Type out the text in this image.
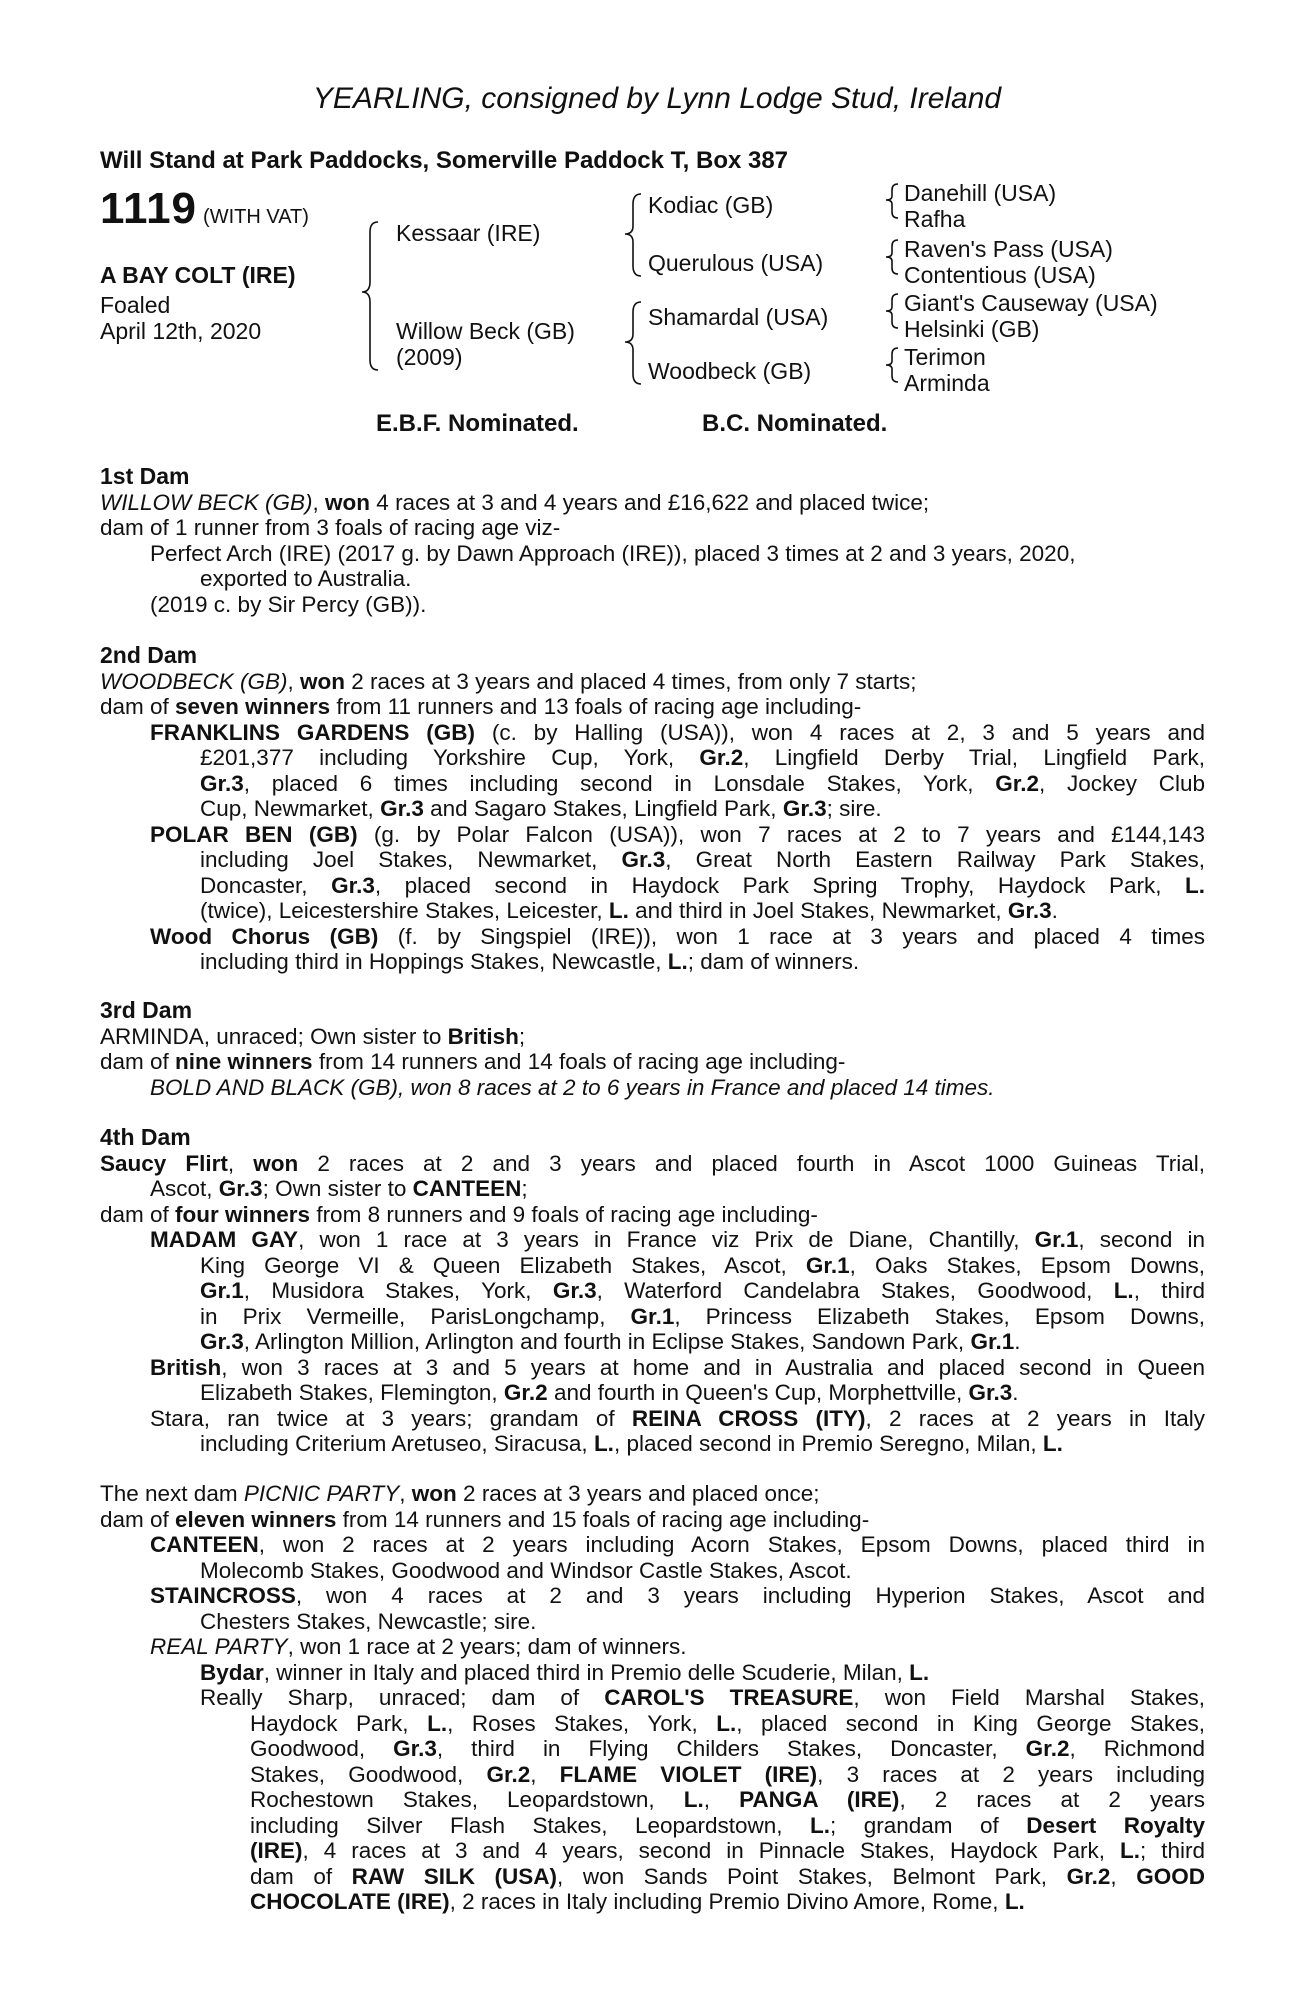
YEARLING, consigned by Lynn Lodge Stud, Ireland
Will Stand at Park Paddocks, Somerville Paddock T, Box 387
1119 (WITH VAT)
A BAY COLT (IRE)
Foaled
April 12th, 2020
Kessaar (IRE)
Willow Beck (GB)
(2009)
Kodiac (GB)
Querulous (USA)
Shamardal (USA)
Woodbeck (GB)
Danehill (USA)
Rafha
Raven's Pass (USA)
Contentious (USA)
Giant's Causeway (USA)
Helsinki (GB)
Terimon
Arminda
E.B.F. Nominated.	B.C. Nominated.
1st Dam
WILLOW BECK (GB), won 4 races at 3 and 4 years and £16,622 and placed twice;
dam of 1 runner from 3 foals of racing age viz-
Perfect Arch (IRE) (2017 g. by Dawn Approach (IRE)), placed 3 times at 2 and 3 years, 2020,
exported to Australia.
(2019 c. by Sir Percy (GB)).
2nd Dam
WOODBECK (GB), won 2 races at 3 years and placed 4 times, from only 7 starts;
dam of seven winners from 11 runners and 13 foals of racing age including-
FRANKLINS GARDENS (GB) (c. by Halling (USA)), won 4 races at 2, 3 and 5 years and
£201,377 including Yorkshire Cup, York, Gr.2, Lingfield Derby Trial, Lingfield Park,
Gr.3, placed 6 times including second in Lonsdale Stakes, York, Gr.2, Jockey Club
Cup, Newmarket, Gr.3 and Sagaro Stakes, Lingfield Park, Gr.3; sire.
POLAR BEN (GB) (g. by Polar Falcon (USA)), won 7 races at 2 to 7 years and £144,143
including Joel Stakes, Newmarket, Gr.3, Great North Eastern Railway Park Stakes,
Doncaster, Gr.3, placed second in Haydock Park Spring Trophy, Haydock Park, L.
(twice), Leicestershire Stakes, Leicester, L. and third in Joel Stakes, Newmarket, Gr.3.
Wood Chorus (GB) (f. by Singspiel (IRE)), won 1 race at 3 years and placed 4 times
including third in Hoppings Stakes, Newcastle, L.; dam of winners.
3rd Dam
ARMINDA, unraced; Own sister to British;
dam of nine winners from 14 runners and 14 foals of racing age including-
BOLD AND BLACK (GB), won 8 races at 2 to 6 years in France and placed 14 times.
4th Dam
Saucy Flirt, won 2 races at 2 and 3 years and placed fourth in Ascot 1000 Guineas Trial,
Ascot, Gr.3; Own sister to CANTEEN;
dam of four winners from 8 runners and 9 foals of racing age including-
MADAM GAY, won 1 race at 3 years in France viz Prix de Diane, Chantilly, Gr.1, second in
King George VI & Queen Elizabeth Stakes, Ascot, Gr.1, Oaks Stakes, Epsom Downs,
Gr.1, Musidora Stakes, York, Gr.3, Waterford Candelabra Stakes, Goodwood, L., third
in Prix Vermeille, ParisLongchamp, Gr.1, Princess Elizabeth Stakes, Epsom Downs,
Gr.3, Arlington Million, Arlington and fourth in Eclipse Stakes, Sandown Park, Gr.1.
British, won 3 races at 3 and 5 years at home and in Australia and placed second in Queen
Elizabeth Stakes, Flemington, Gr.2 and fourth in Queen's Cup, Morphettville, Gr.3.
Stara, ran twice at 3 years; grandam of REINA CROSS (ITY), 2 races at 2 years in Italy
including Criterium Aretuseo, Siracusa, L., placed second in Premio Seregno, Milan, L.
The next dam PICNIC PARTY, won 2 races at 3 years and placed once;
dam of eleven winners from 14 runners and 15 foals of racing age including-
CANTEEN, won 2 races at 2 years including Acorn Stakes, Epsom Downs, placed third in
Molecomb Stakes, Goodwood and Windsor Castle Stakes, Ascot.
STAINCROSS, won 4 races at 2 and 3 years including Hyperion Stakes, Ascot and
Chesters Stakes, Newcastle; sire.
REAL PARTY, won 1 race at 2 years; dam of winners.
Bydar, winner in Italy and placed third in Premio delle Scuderie, Milan, L.
Really Sharp, unraced; dam of CAROL'S TREASURE, won Field Marshal Stakes,
Haydock Park, L., Roses Stakes, York, L., placed second in King George Stakes,
Goodwood, Gr.3, third in Flying Childers Stakes, Doncaster, Gr.2, Richmond
Stakes, Goodwood, Gr.2, FLAME VIOLET (IRE), 3 races at 2 years including
Rochestown Stakes, Leopardstown, L., PANGA (IRE), 2 races at 2 years
including Silver Flash Stakes, Leopardstown, L.; grandam of Desert Royalty
(IRE), 4 races at 3 and 4 years, second in Pinnacle Stakes, Haydock Park, L.; third
dam of RAW SILK (USA), won Sands Point Stakes, Belmont Park, Gr.2, GOOD
CHOCOLATE (IRE), 2 races in Italy including Premio Divino Amore, Rome, L.
